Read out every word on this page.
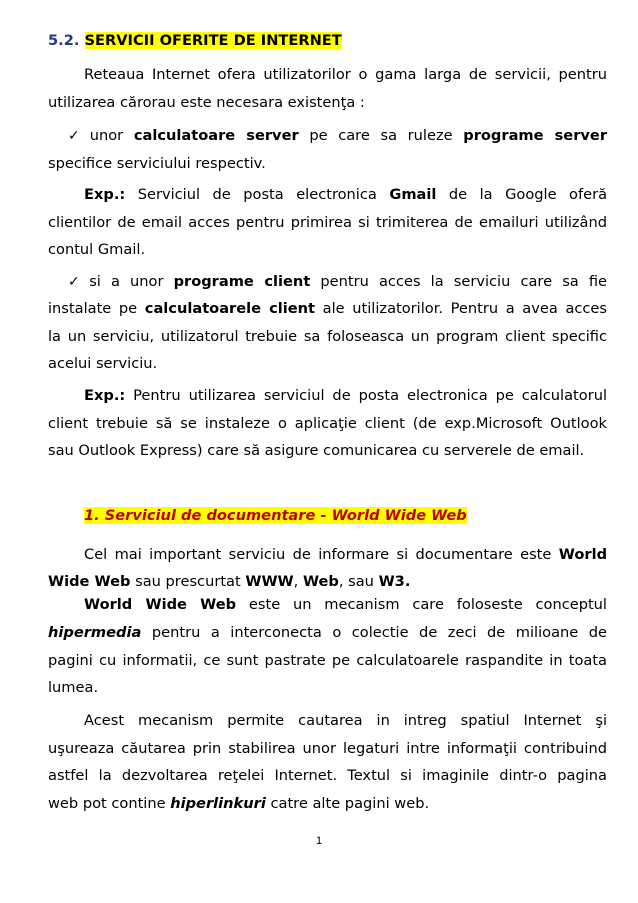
5.2. SERVICII OFERITE DE INTERNET
Reteaua Internet ofera utilizatorilor o gama larga de servicii, pentru
utilizarea cărorau este necesara existenţa :
✓ unor calculatoare server pe care sa ruleze programe server
specifice serviciului respectiv.
Exp.: Serviciul de posta electronica Gmail de la Google oferă
clientilor de email acces pentru primirea si trimiterea de emailuri utilizând
contul Gmail.
✓ si a unor programe client pentru acces la serviciu care sa fie
instalate pe calculatoarele client ale utilizatorilor. Pentru a avea acces
la un serviciu, utilizatorul trebuie sa foloseasca un program client specific
acelui serviciu.
Exp.: Pentru utilizarea serviciul de posta electronica pe calculatorul
client trebuie să se instaleze o aplicaţie client (de exp.Microsoft Outlook
sau Outlook Express) care să asigure comunicarea cu serverele de email.
1. Serviciul de documentare - World Wide Web
Cel mai important serviciu de informare si documentare este World
Wide Web sau prescurtat WWW, Web, sau W3.
World Wide Web este un mecanism care foloseste conceptul
hipermedia pentru a interconecta o colectie de zeci de milioane de
pagini cu informatii, ce sunt pastrate pe calculatoarele raspandite in toata
lumea.
Acest mecanism permite cautarea in intreg spatiul Internet şi
uşureaza căutarea prin stabilirea unor legaturi intre informaţii contribuind
astfel la dezvoltarea reţelei Internet. Textul si imaginile dintr-o pagina
web pot contine hiperlinkuri catre alte pagini web.
1
